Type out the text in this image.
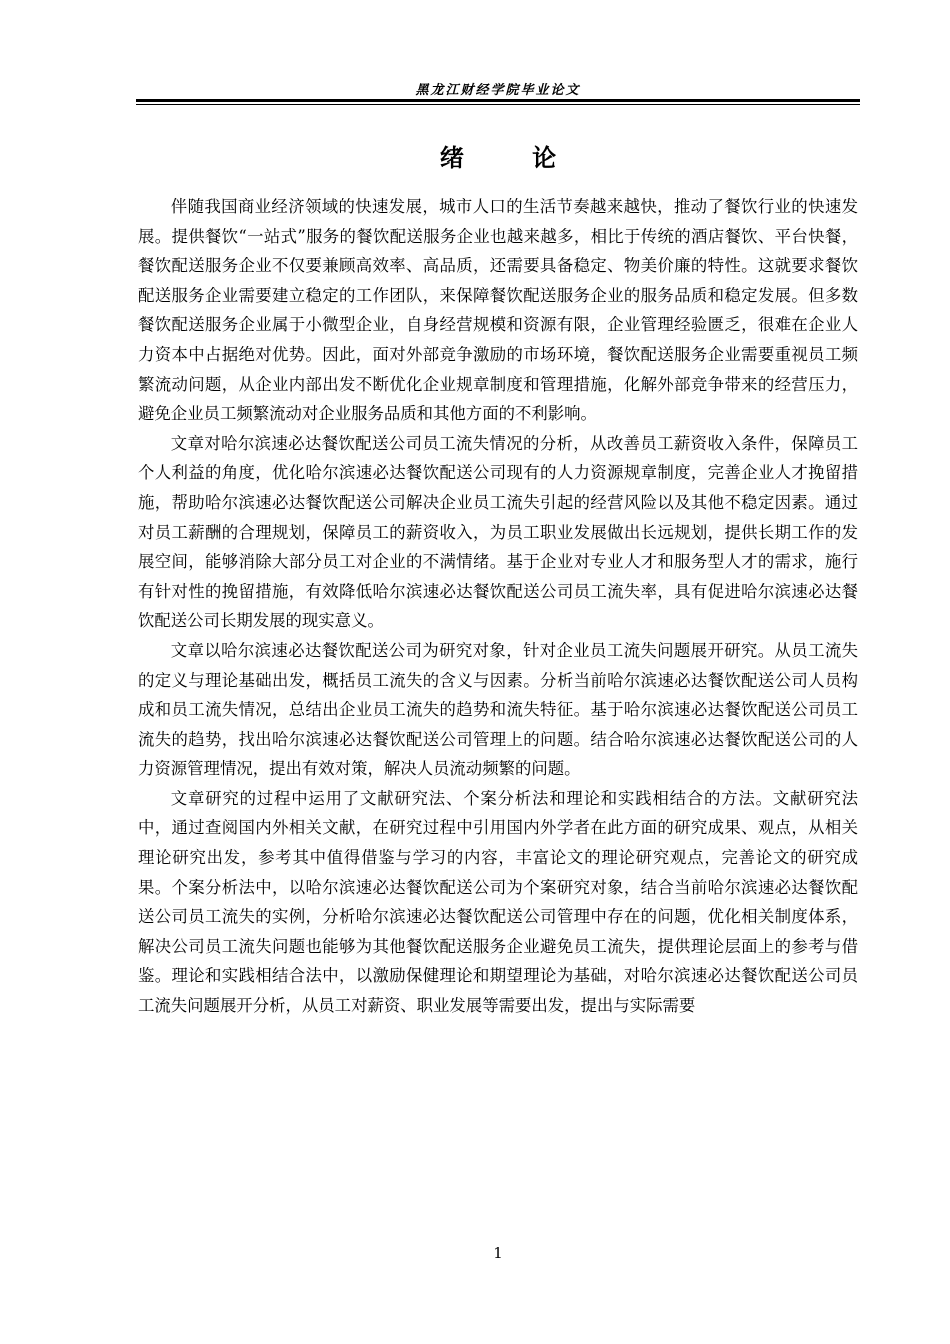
黑龙江财经学院毕业论文
绪 论

伴随我国商业经济领域的快速发展，城市人口的生活节奏越来越快，推动了餐饮行业的快速发展。提供餐饮“一站式”服务的餐饮配送服务企业也越来越多，相比于传统的酒店餐饮、平台快餐，餐饮配送服务企业不仅要兼顾高效率、高品质，还需要具备稳定、物美价廉的特性。这就要求餐饮配送服务企业需要建立稳定的工作团队，来保障餐饮配送服务企业的服务品质和稳定发展。但多数餐饮配送服务企业属于小微型企业，自身经营规模和资源有限，企业管理经验匮乏，很难在企业人力资本中占据绝对优势。因此，面对外部竞争激励的市场环境，餐饮配送服务企业需要重视员工频繁流动问题，从企业内部出发不断优化企业规章制度和管理措施，化解外部竞争带来的经营压力，避免企业员工频繁流动对企业服务品质和其他方面的不利影响。

文章对哈尔滨速必达餐饮配送公司员工流失情况的分析，从改善员工薪资收入条件，保障员工个人利益的角度，优化哈尔滨速必达餐饮配送公司现有的人力资源规章制度，完善企业人才挽留措施，帮助哈尔滨速必达餐饮配送公司解决企业员工流失引起的经营风险以及其他不稳定因素。通过对员工薪酬的合理规划，保障员工的薪资收入，为员工职业发展做出长远规划，提供长期工作的发展空间，能够消除大部分员工对企业的不满情绪。基于企业对专业人才和服务型人才的需求，施行有针对性的挽留措施，有效降低哈尔滨速必达餐饮配送公司员工流失率，具有促进哈尔滨速必达餐饮配送公司长期发展的现实意义。

文章以哈尔滨速必达餐饮配送公司为研究对象，针对企业员工流失问题展开研究。从员工流失的定义与理论基础出发，概括员工流失的含义与因素。分析当前哈尔滨速必达餐饮配送公司人员构成和员工流失情况，总结出企业员工流失的趋势和流失特征。基于哈尔滨速必达餐饮配送公司员工流失的趋势，找出哈尔滨速必达餐饮配送公司管理上的问题。结合哈尔滨速必达餐饮配送公司的人力资源管理情况，提出有效对策，解决人员流动频繁的问题。

文章研究的过程中运用了文献研究法、个案分析法和理论和实践相结合的方法。文献研究法中，通过查阅国内外相关文献，在研究过程中引用国内外学者在此方面的研究成果、观点，从相关理论研究出发，参考其中值得借鉴与学习的内容，丰富论文的理论研究观点，完善论文的研究成果。个案分析法中，以哈尔滨速必达餐饮配送公司为个案研究对象，结合当前哈尔滨速必达餐饮配送公司员工流失的实例，分析哈尔滨速必达餐饮配送公司管理中存在的问题，优化相关制度体系，解决公司员工流失问题也能够为其他餐饮配送服务企业避免员工流失，提供理论层面上的参考与借鉴。理论和实践相结合法中，以激励保健理论和期望理论为基础，对哈尔滨速必达餐饮配送公司员工流失问题展开分析，从员工对薪资、职业发展等需要出发，提出与实际需要

1
